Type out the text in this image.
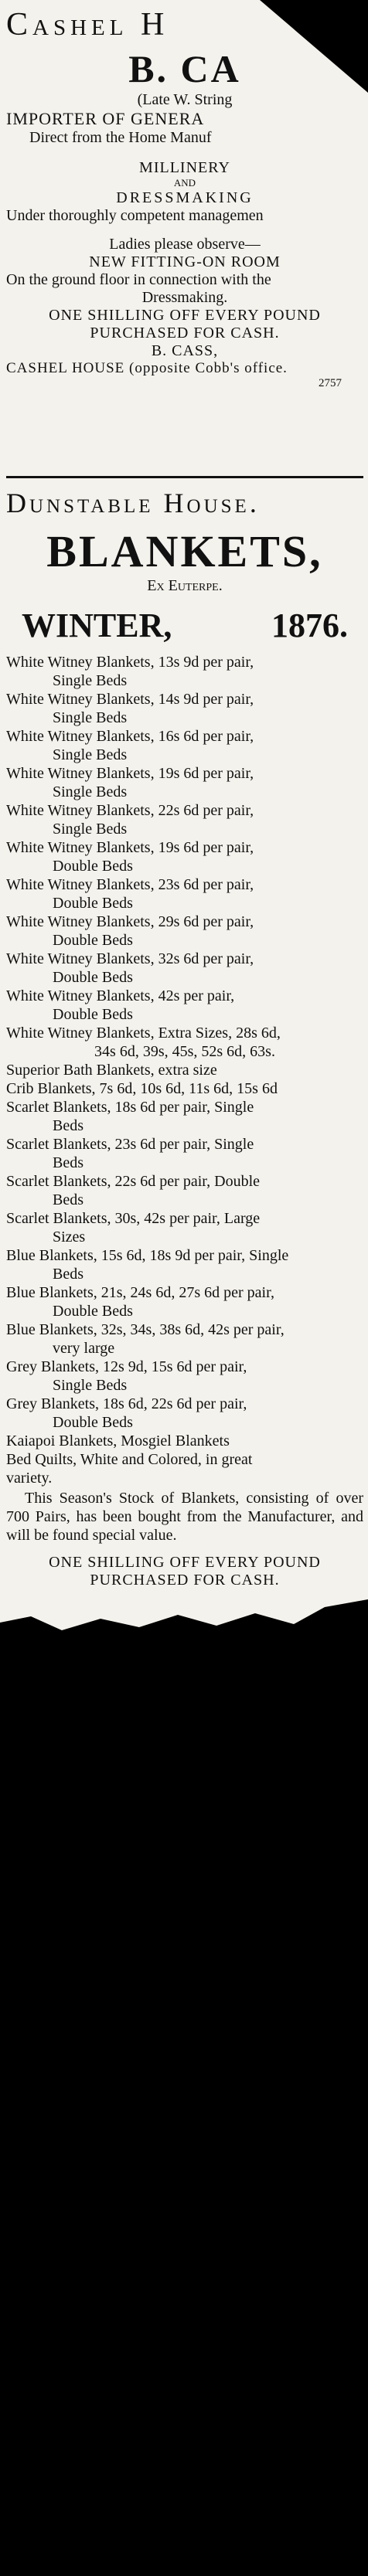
Cashel H
B. CA
(Late W. String
IMPORTER OF GENERA
Direct from the Home Manuf
MILLINERY
AND
DRESSMAKING
Under thoroughly competent managemen
Ladies please observe—
NEW FITTING-ON ROOM
On the ground floor in connection with the
Dressmaking.
ONE SHILLING OFF EVERY POUND
PURCHASED FOR CASH.
B. CASS,
CASHEL HOUSE (opposite Cobb's office.
2757
Dunstable House.
BLANKETS,
Ex Euterpe.
WINTER,	1876.
White Witney Blankets, 13s 9d per pair,
Single Beds
White Witney Blankets, 14s 9d per pair,
Single Beds
White Witney Blankets, 16s 6d per pair,
Single Beds
White Witney Blankets, 19s 6d per pair,
Single Beds
White Witney Blankets, 22s 6d per pair,
Single Beds
White Witney Blankets, 19s 6d per pair,
Double Beds
White Witney Blankets, 23s 6d per pair,
Double Beds
White Witney Blankets, 29s 6d per pair,
Double Beds
White Witney Blankets, 32s 6d per pair,
Double Beds
White Witney Blankets, 42s per pair,
Double Beds
White Witney Blankets, Extra Sizes, 28s 6d,
34s 6d, 39s, 45s, 52s 6d, 63s.
Superior Bath Blankets, extra size
Crib Blankets, 7s 6d, 10s 6d, 11s 6d, 15s 6d
Scarlet Blankets, 18s 6d per pair, Single
Beds
Scarlet Blankets, 23s 6d per pair, Single
Beds
Scarlet Blankets, 22s 6d per pair, Double
Beds
Scarlet Blankets, 30s, 42s per pair, Large
Sizes
Blue Blankets, 15s 6d, 18s 9d per pair, Single
Beds
Blue Blankets, 21s, 24s 6d, 27s 6d per pair,
Double Beds
Blue Blankets, 32s, 34s, 38s 6d, 42s per pair,
very large
Grey Blankets, 12s 9d, 15s 6d per pair,
Single Beds
Grey Blankets, 18s 6d, 22s 6d per pair,
Double Beds
Kaiapoi Blankets, Mosgiel Blankets
Bed Quilts, White and Colored, in great
variety.
This Season's Stock of Blankets, consisting of over 700 Pairs, has been bought from the Manufacturer, and will be found special value.
ONE SHILLING OFF EVERY POUND
PURCHASED FOR CASH.
